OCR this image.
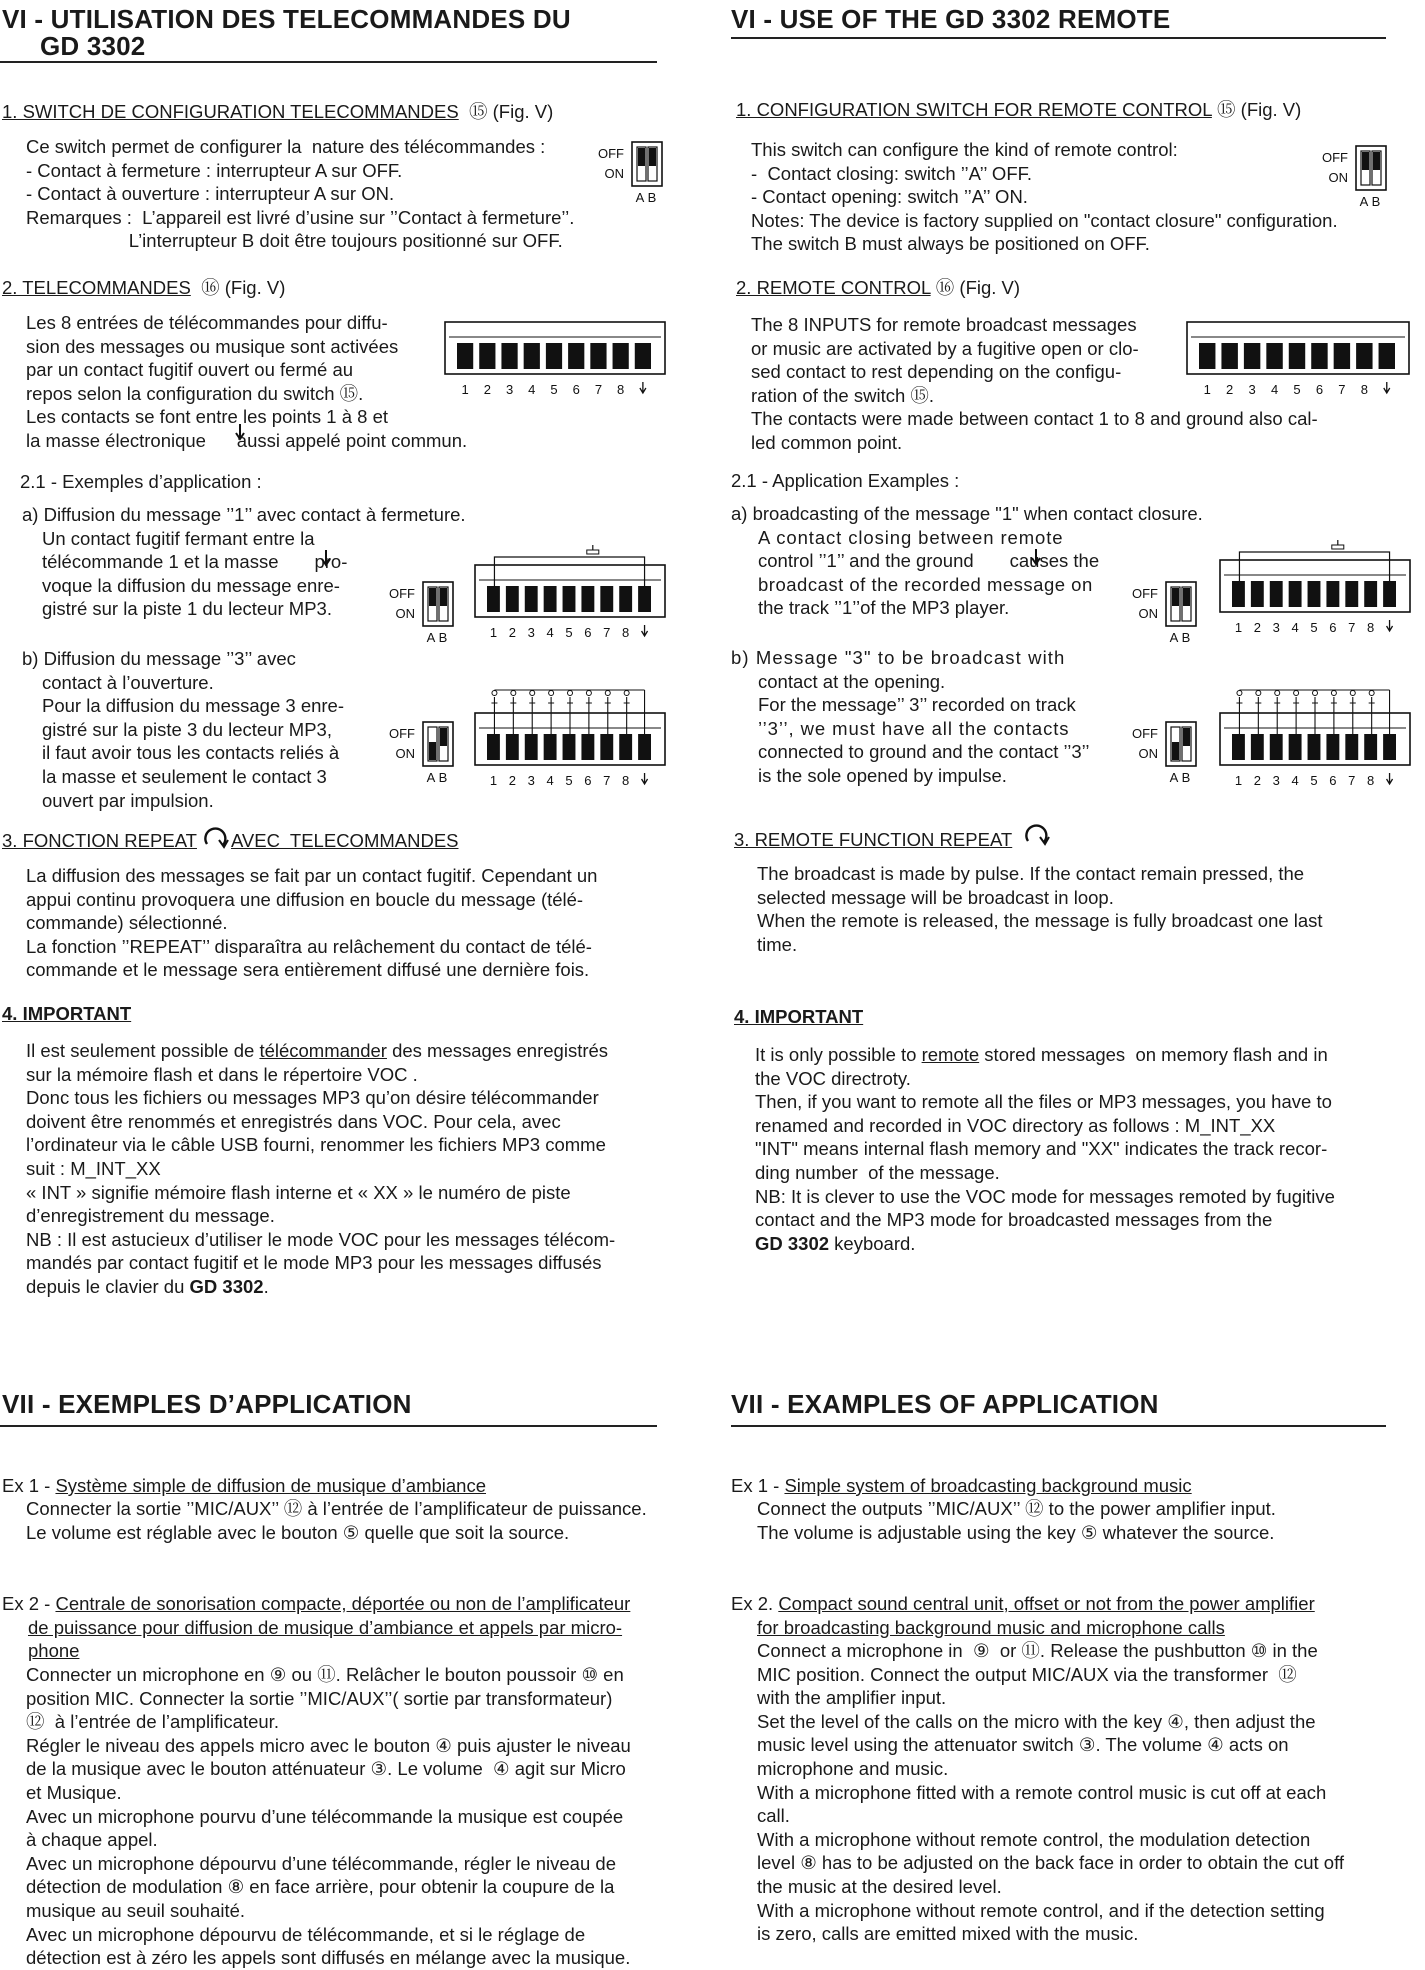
VI - UTILISATION DES TELECOMMANDES DU
GD 3302
1. SWITCH DE CONFIGURATION TELECOMMANDES ⑮ (Fig. V)
Ce switch permet de configurer la  nature des télécommandes :
- Contact à fermeture : interrupteur A sur OFF.
- Contact à ouverture : interrupteur A sur ON.
Remarques :  L’appareil est livré d’usine sur ’’Contact à fermeture’’.
L’interrupteur B doit être toujours positionné sur OFF.
2. TELECOMMANDES ⑯ (Fig. V)
Les 8 entrées de télécommandes pour diffu-
sion des messages ou musique sont activées
par un contact fugitif ouvert ou fermé au
repos selon la configuration du switch ⑮.
Les contacts se font entre les points 1 à 8 et
la masse électronique      aussi appelé point commun.
2.1 - Exemples d’application :
a) Diffusion du message ’’1’’ avec contact à fermeture.
Un contact fugitif fermant entre la
télécommande 1 et la masse       pro-
voque la diffusion du message enre-
gistré sur la piste 1 du lecteur MP3.
b) Diffusion du message ’’3’’ avec
contact à l’ouverture.
Pour la diffusion du message 3 enre-
gistré sur la piste 3 du lecteur MP3,
il faut avoir tous les contacts reliés à
la masse et seulement le contact 3
ouvert par impulsion.
3. FONCTION REPEAT AVEC  TELECOMMANDES
La diffusion des messages se fait par un contact fugitif. Cependant un
appui continu provoquera une diffusion en boucle du message (télé-
commande) sélectionné.
La fonction ’’REPEAT’’ disparaîtra au relâchement du contact de télé-
commande et le message sera entièrement diffusé une dernière fois.
4. IMPORTANT
Il est seulement possible de télécommander des messages enregistrés
sur la mémoire flash et dans le répertoire VOC .
Donc tous les fichiers ou messages MP3 qu’on désire télécommander
doivent être renommés et enregistrés dans VOC. Pour cela, avec
l’ordinateur via le câble USB fourni, renommer les fichiers MP3 comme
suit : M_INT_XX
« INT » signifie mémoire flash interne et « XX » le numéro de piste
d’enregistrement du message.
NB : Il est astucieux d’utiliser le mode VOC pour les messages télécom-
mandés par contact fugitif et le mode MP3 pour les messages diffusés
depuis le clavier du GD 3302.
VII - EXEMPLES D’APPLICATION
Ex 1 - Système simple de diffusion de musique d’ambiance
Connecter la sortie ’’MIC/AUX’’ ⑫ à l’entrée de l’amplificateur de puissance.
Le volume est réglable avec le bouton ⑤ quelle que soit la source.
Ex 2 - Centrale de sonorisation compacte, déportée ou non de l’amplificateur
de puissance pour diffusion de musique d’ambiance et appels par micro-
phone
Connecter un microphone en ⑨ ou ⑪. Relâcher le bouton poussoir ⑩ en
position MIC. Connecter la sortie ’’MIC/AUX’’( sortie par transformateur)
⑫  à l’entrée de l’amplificateur.
Régler le niveau des appels micro avec le bouton ④ puis ajuster le niveau
de la musique avec le bouton atténuateur ③. Le volume  ④ agit sur Micro
et Musique.
Avec un microphone pourvu d’une télécommande la musique est coupée
à chaque appel.
Avec un microphone dépourvu d’une télécommande, régler le niveau de
détection de modulation ⑧ en face arrière, pour obtenir la coupure de la
musique au seuil souhaité.
Avec un microphone dépourvu de télécommande, et si le réglage de
détection est à zéro les appels sont diffusés en mélange avec la musique.
VI - USE OF THE GD 3302 REMOTE
1. CONFIGURATION SWITCH FOR REMOTE CONTROL ⑮ (Fig. V)
This switch can configure the kind of remote control:
-  Contact closing: switch ’’A’’ OFF.
- Contact opening: switch ’’A’’ ON.
Notes: The device is factory supplied on "contact closure" configuration.
The switch B must always be positioned on OFF.
2. REMOTE CONTROL ⑯ (Fig. V)
The 8 INPUTS for remote broadcast messages
or music are activated by a fugitive open or clo-
sed contact to rest depending on the configu-
ration of the switch ⑮.
The contacts were made between contact 1 to 8 and ground also cal-
led common point.
2.1 - Application Examples :
a) broadcasting of the message "1" when contact closure.
A contact closing between remote
control ’’1’’ and the ground       causes the
broadcast of the recorded message on
the track ’’1’’of the MP3 player.
b) Message "3" to be broadcast with
contact at the opening.
For the message’’ 3’’ recorded on track
’’3’’, we must have all the contacts
connected to ground and the contact ’’3’’
is the sole opened by impulse.
3. REMOTE FUNCTION REPEAT
The broadcast is made by pulse. If the contact remain pressed, the
selected message will be broadcast in loop.
When the remote is released, the message is fully broadcast one last
time.
4. IMPORTANT
It is only possible to remote stored messages  on memory flash and in
the VOC directroty.
Then, if you want to remote all the files or MP3 messages, you have to
renamed and recorded in VOC directory as follows : M_INT_XX
"INT" means internal flash memory and "XX" indicates the track recor-
ding number  of the message.
NB: It is clever to use the VOC mode for messages remoted by fugitive
contact and the MP3 mode for broadcasted messages from the
GD 3302 keyboard.
VII - EXAMPLES OF APPLICATION
Ex 1 - Simple system of broadcasting background music
Connect the outputs ’’MIC/AUX’’ ⑫ to the power amplifier input.
The volume is adjustable using the key ⑤ whatever the source.
Ex 2. Compact sound central unit, offset or not from the power amplifier
for broadcasting background music and microphone calls
Connect a microphone in  ⑨  or ⑪. Release the pushbutton ⑩ in the
MIC position. Connect the output MIC/AUX via the transformer  ⑫
with the amplifier input.
Set the level of the calls on the micro with the key ④, then adjust the
music level using the attenuator switch ③. The volume ④ acts on
microphone and music.
With a microphone fitted with a remote control music is cut off at each
call.
With a microphone without remote control, the modulation detection
level ⑧ has to be adjusted on the back face in order to obtain the cut off
the music at the desired level.
With a microphone without remote control, and if the detection setting
is zero, calls are emitted mixed with the music.
OFF
ON
A B
1 2 3 4 5 6 7 8
1 2 3 4 5 6 7 8
OFF
ON
A B
1 2 3 4 5 6 7 8
OFF
ON
A B
OFF
ON
A B
1 2 3 4 5 6 7 8
1 2 3 4 5 6 7 8
OFF
ON
A B
1 2 3 4 5 6 7 8
OFF
ON
A B
